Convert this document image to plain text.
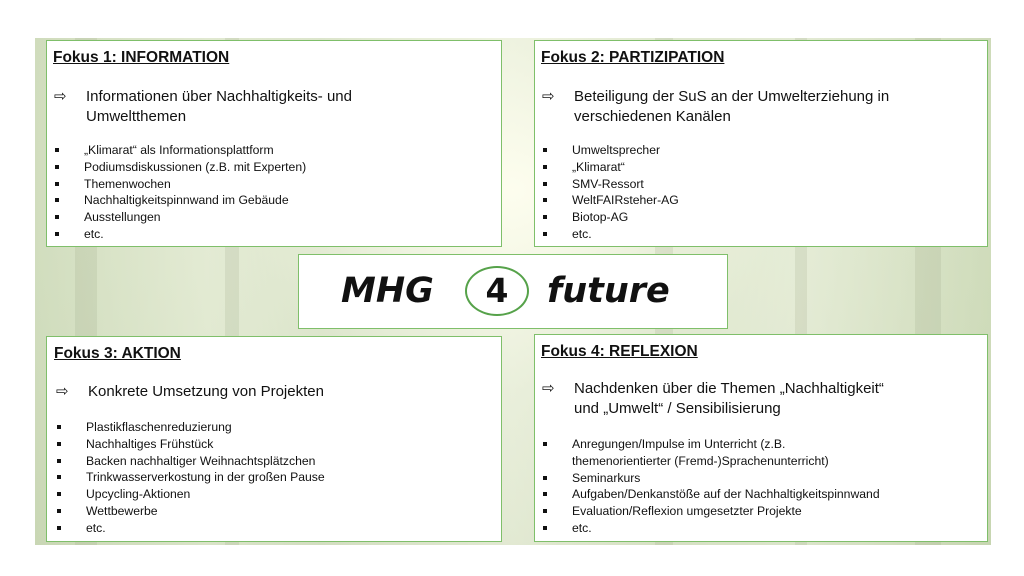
Fokus 1: INFORMATION
⇨ Informationen über Nachhaltigkeits- und
Umweltthemen
„Klimarat“ als Informationsplattform
Podiumsdiskussionen (z.B. mit Experten)
Themenwochen
Nachhaltigkeitspinnwand im Gebäude
Ausstellungen
etc.
Fokus 2: PARTIZIPATION
⇨ Beteiligung der SuS an der Umwelterziehung in
verschiedenen Kanälen
Umweltsprecher
„Klimarat“
SMV-Ressort
WeltFAIRsteher-AG
Biotop-AG
etc.
MHG	4	future
Fokus 3: AKTION
⇨ Konkrete Umsetzung von Projekten
Plastikflaschenreduzierung
Nachhaltiges Frühstück
Backen nachhaltiger Weihnachtsplätzchen
Trinkwasserverkostung in der großen Pause
Upcycling-Aktionen
Wettbewerbe
etc.
Fokus 4: REFLEXION
⇨ Nachdenken über die Themen „Nachhaltigkeit“
und „Umwelt“ / Sensibilisierung
Anregungen/Impulse im Unterricht (z.B.
themenorientierter (Fremd-)Sprachenunterricht)
Seminarkurs
Aufgaben/Denkanstöße auf der Nachhaltigkeitspinnwand
Evaluation/Reflexion umgesetzter Projekte
etc.
